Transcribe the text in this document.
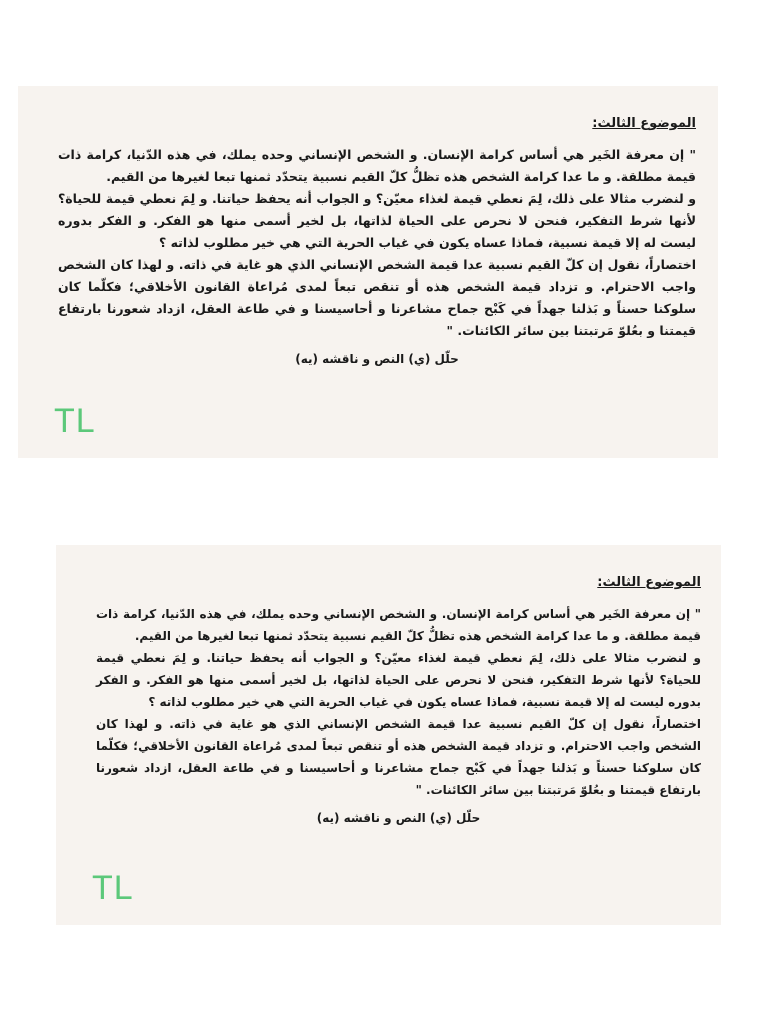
الموضوع الثالث:

" إن معرفة الخَير هي أساس كرامة الإنسان. و الشخص الإنساني وحده يملك، في هذه الدّنيا، كرامة ذات قيمة مطلقة. و ما عدا كرامة الشخص هذه تظلُّ كلّ القيم نسبية يتحدّد ثمنها تبعا لغيرها من القيم.

و لنضرب مثالا على ذلك، لِمَ نعطي قيمة لغذاء معيّن؟ و الجواب أنه يحفظ حياتنا. و لِمَ نعطي قيمة للحياة؟ لأنها شرط التفكير، فنحن لا نحرص على الحياة لذاتها، بل لخير أسمى منها هو الفكر. و الفكر بدوره ليست له إلا قيمة نسبية، فماذا عساه يكون في غياب الحرية التي هي خير مطلوب لذاته ؟

اختصاراً، نقول إن كلّ القيم نسبية عدا قيمة الشخص الإنساني الذي هو غاية في ذاته. و لهذا كان الشخص واجب الاحترام. و تزداد قيمة الشخص هذه أو تنقص تبعاً لمدى مُراعاة القانون الأخلاقي؛ فكلّما كان سلوكنا حسناً و بَذلنا جهداً في كَبْح جماح مشاعرنا و أحاسيسنا و في طاعة العقل، ازداد شعورنا بارتفاع قيمتنا و بعُلوّ مَرتبتنا بين سائر الكائنات. "

حلّل (ي) النص و ناقشه (يه)
TL
الموضوع الثالث:

" إن معرفة الخَير هي أساس كرامة الإنسان. و الشخص الإنساني وحده يملك، في هذه الدّنيا، كرامة ذات قيمة مطلقة. و ما عدا كرامة الشخص هذه تظلُّ كلّ القيم نسبية يتحدّد ثمنها تبعا لغيرها من القيم.

و لنضرب مثالا على ذلك، لِمَ نعطي قيمة لغذاء معيّن؟ و الجواب أنه يحفظ حياتنا. و لِمَ نعطي قيمة للحياة؟ لأنها شرط التفكير، فنحن لا نحرص على الحياة لذاتها، بل لخير أسمى منها هو الفكر. و الفكر بدوره ليست له إلا قيمة نسبية، فماذا عساه يكون في غياب الحرية التي هي خير مطلوب لذاته ؟

اختصاراً، نقول إن كلّ القيم نسبية عدا قيمة الشخص الإنساني الذي هو غاية في ذاته. و لهذا كان الشخص واجب الاحترام. و تزداد قيمة الشخص هذه أو تنقص تبعاً لمدى مُراعاة القانون الأخلاقي؛ فكلّما كان سلوكنا حسناً و بَذلنا جهداً في كَبْح جماح مشاعرنا و أحاسيسنا و في طاعة العقل، ازداد شعورنا بارتفاع قيمتنا و بعُلوّ مَرتبتنا بين سائر الكائنات. "

حلّل (ي) النص و ناقشه (يه)
TL
